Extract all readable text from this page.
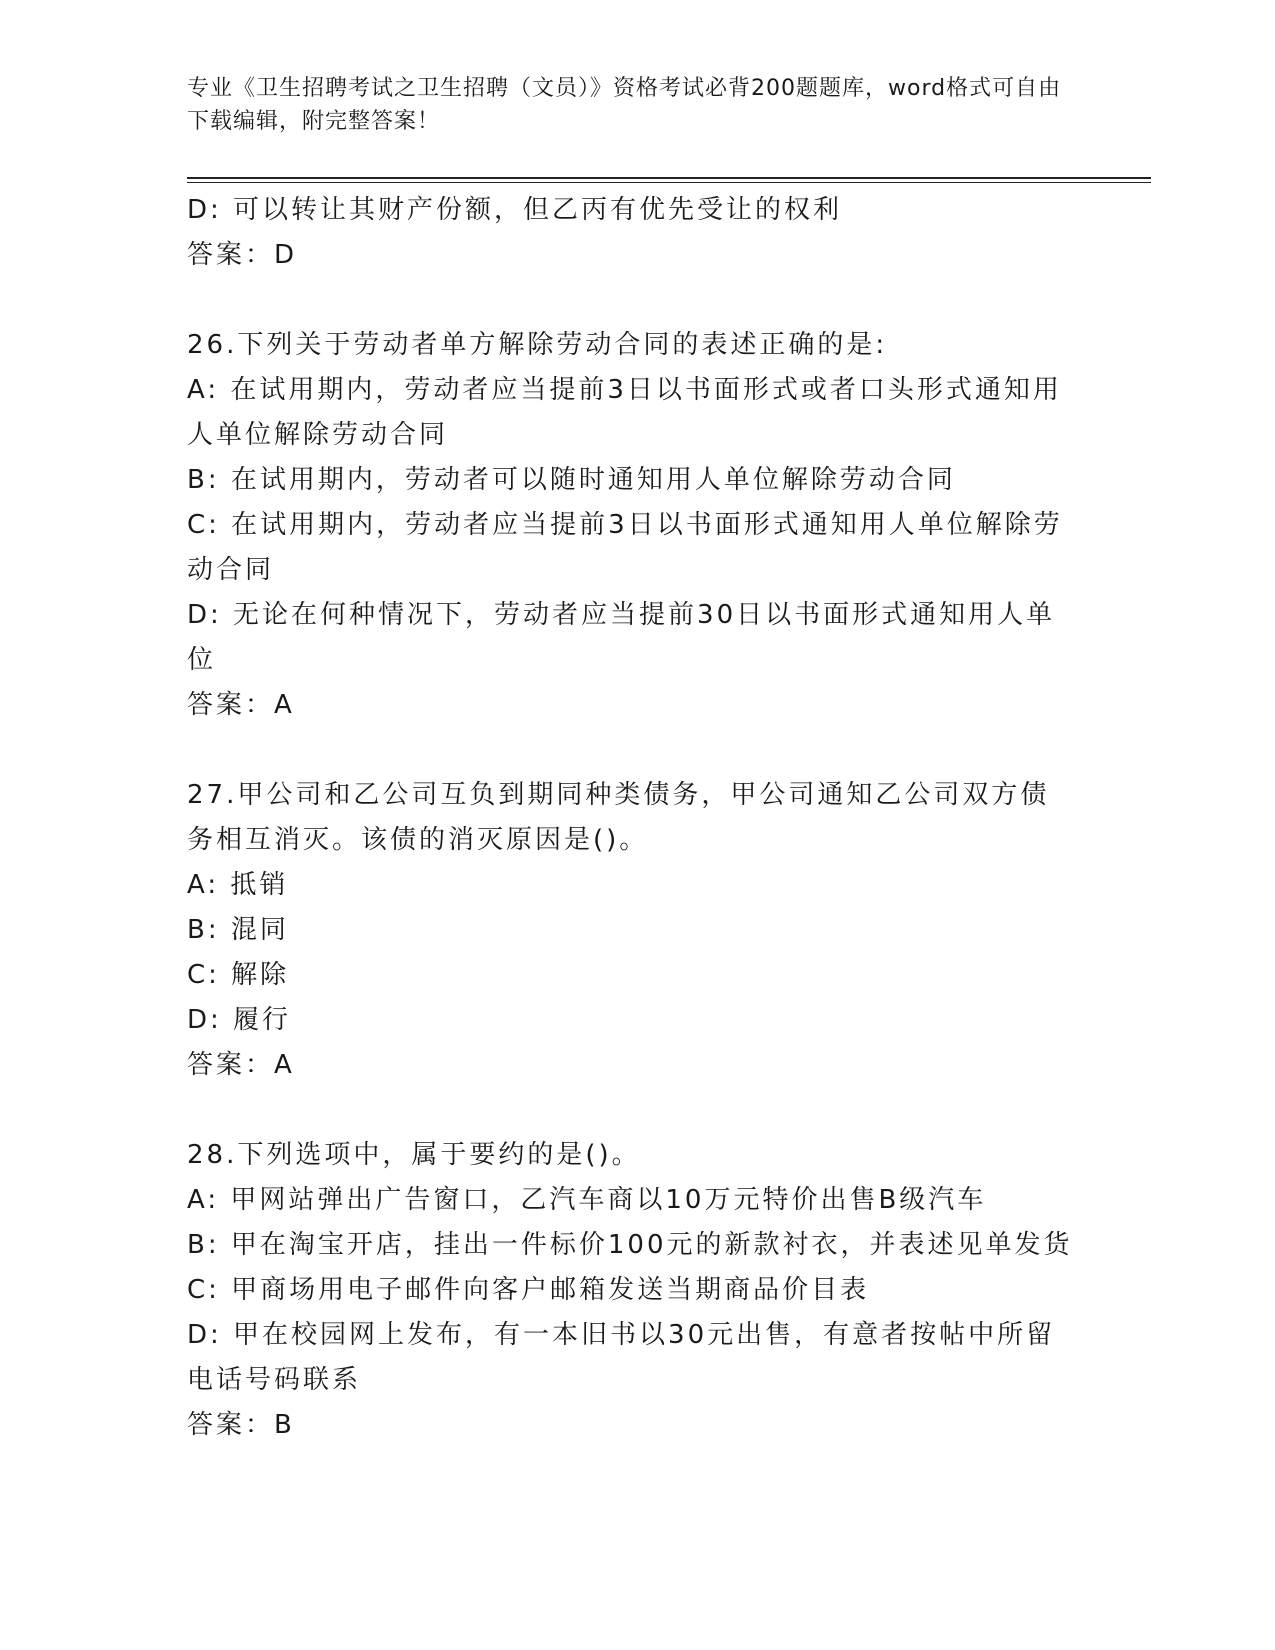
专业《卫生招聘考试之卫生招聘（文员）》资格考试必背200题题库，word格式可自由下载编辑，附完整答案！

D: 可以转让其财产份额，但乙丙有优先受让的权利

答案：D

26.下列关于劳动者单方解除劳动合同的表述正确的是:

A: 在试用期内，劳动者应当提前3日以书面形式或者口头形式通知用人单位解除劳动合同

B: 在试用期内，劳动者可以随时通知用人单位解除劳动合同

C: 在试用期内，劳动者应当提前3日以书面形式通知用人单位解除劳动合同

D: 无论在何种情况下，劳动者应当提前30日以书面形式通知用人单位

答案：A

27.甲公司和乙公司互负到期同种类债务，甲公司通知乙公司双方债务相互消灭。该债的消灭原因是()。

A: 抵销

B: 混同

C: 解除

D: 履行

答案：A

28.下列选项中，属于要约的是()。

A: 甲网站弹出广告窗口，乙汽车商以10万元特价出售B级汽车

B: 甲在淘宝开店，挂出一件标价100元的新款衬衣，并表述见单发货

C: 甲商场用电子邮件向客户邮箱发送当期商品价目表

D: 甲在校园网上发布，有一本旧书以30元出售，有意者按帖中所留电话号码联系

答案：B
